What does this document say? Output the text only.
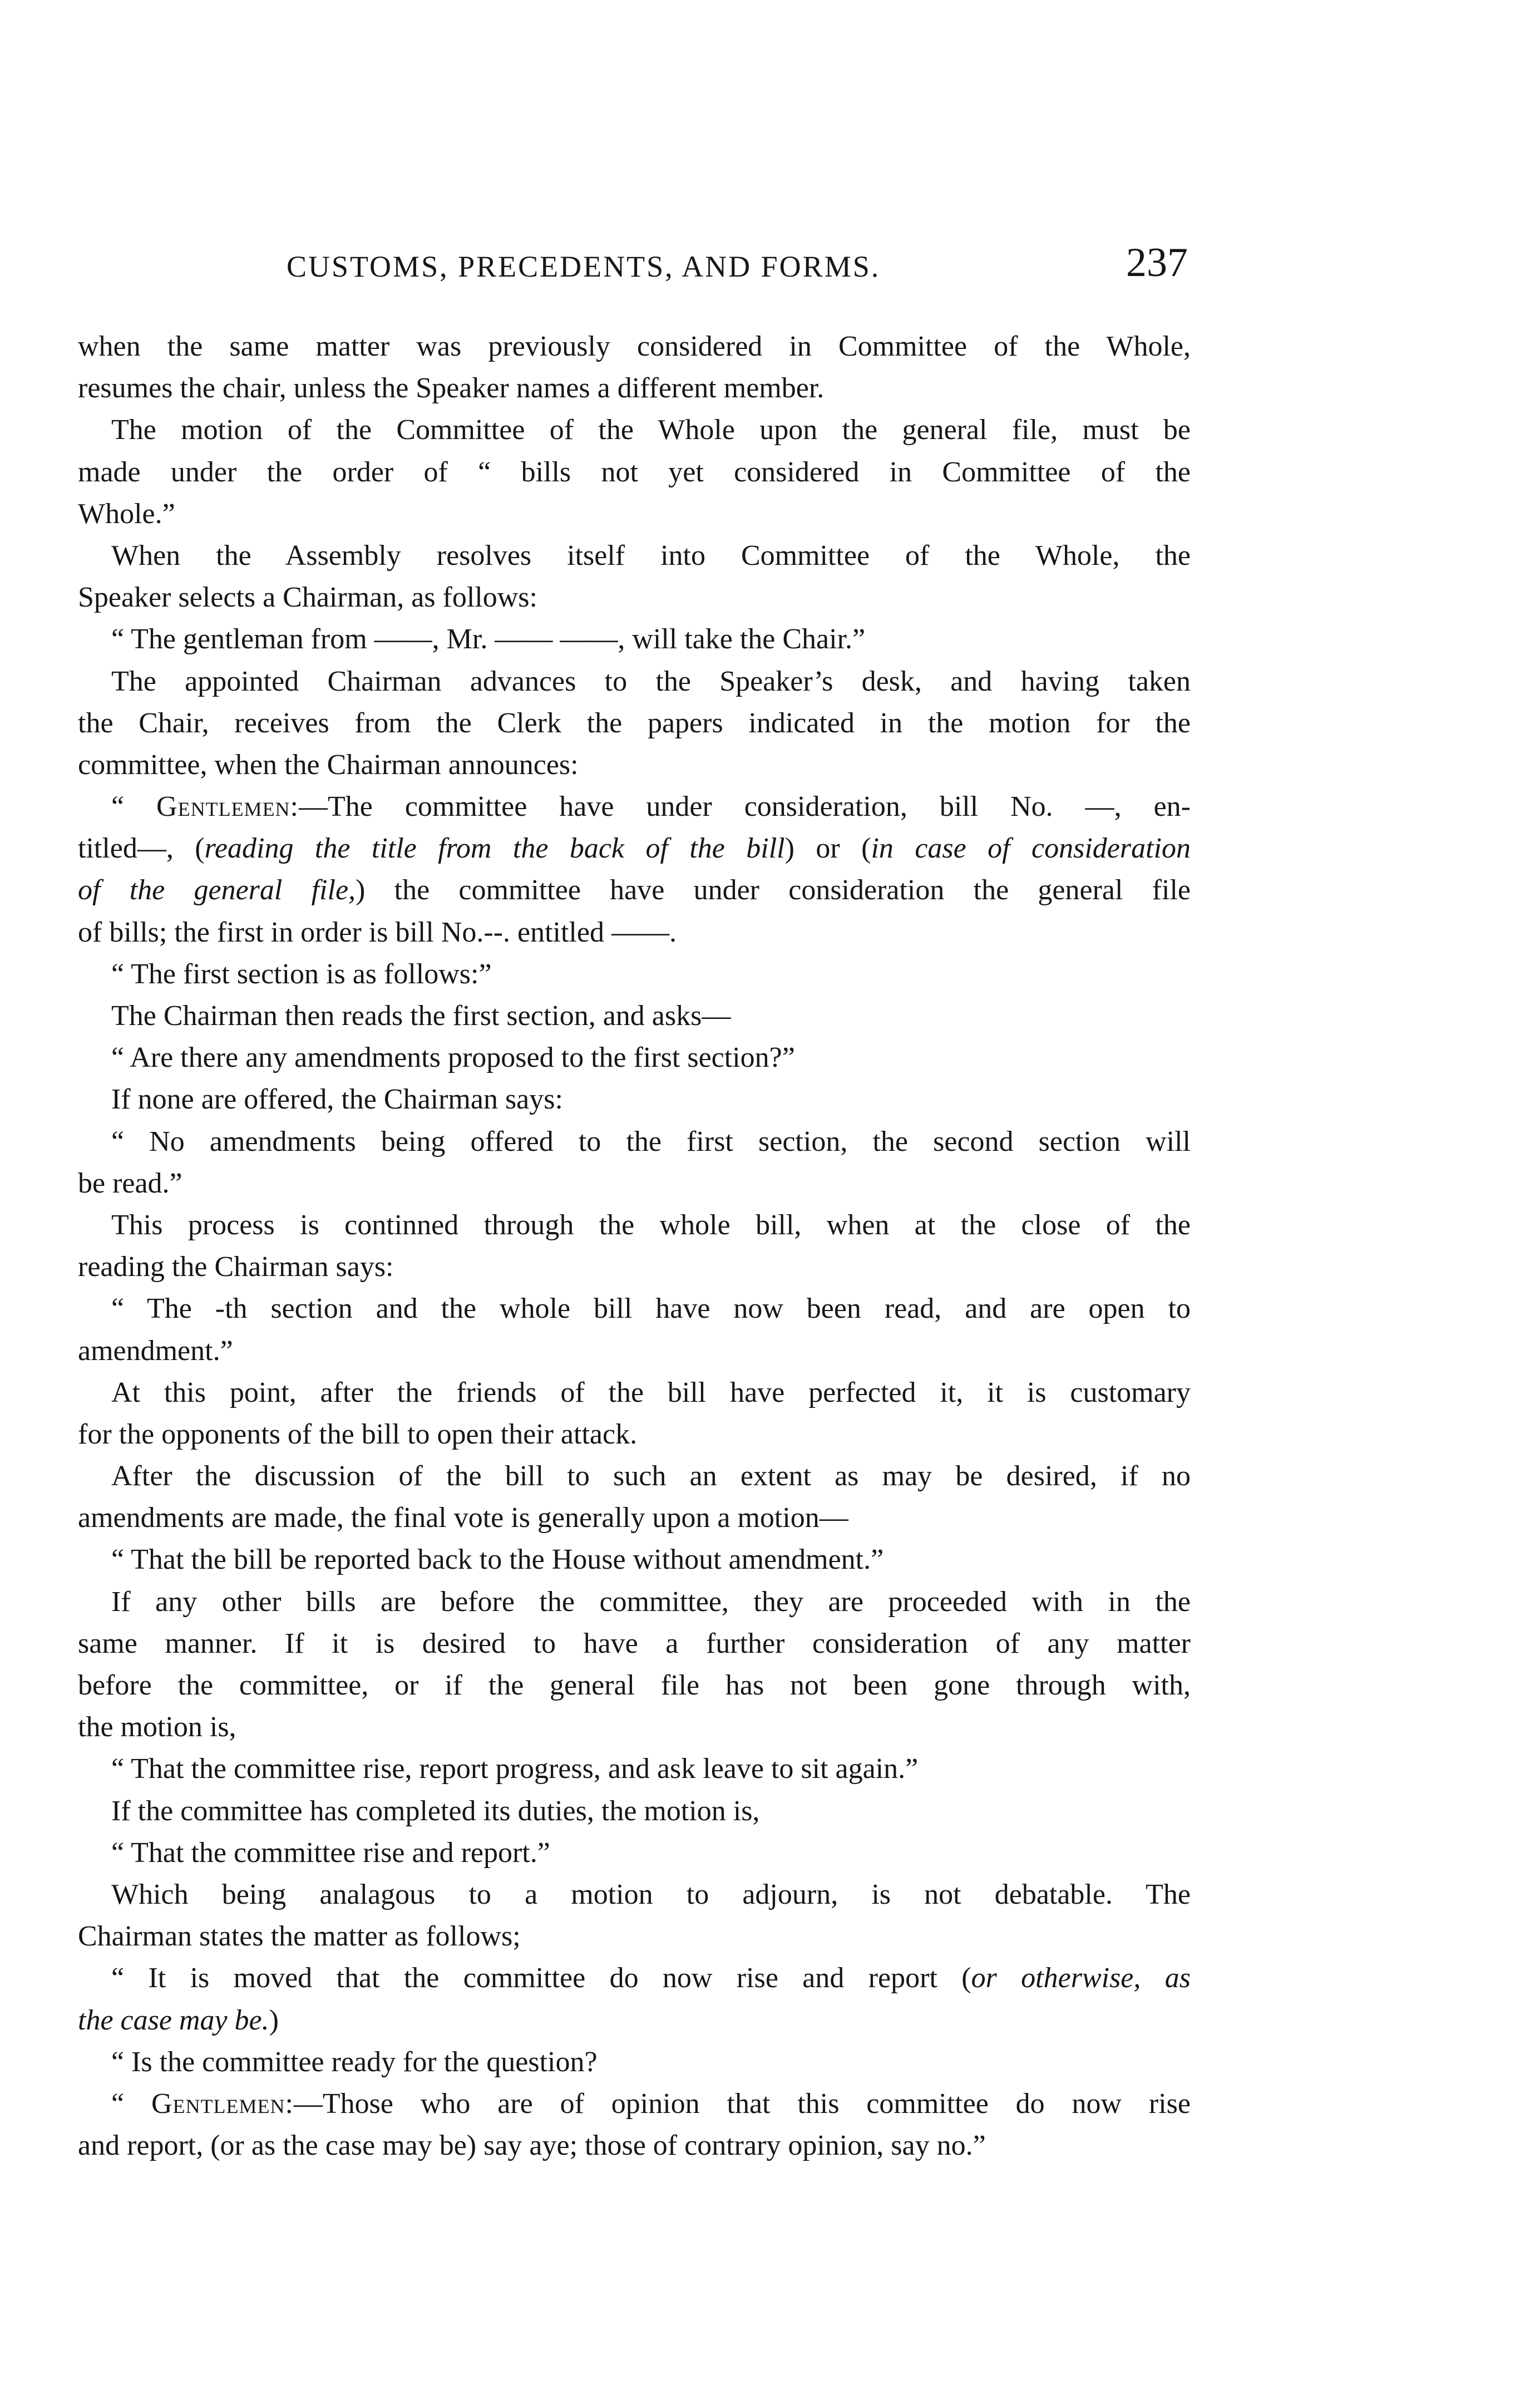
CUSTOMS, PRECEDENTS, AND FORMS.	237
when the same matter was previously considered in Committee of the Whole,
resumes the chair, unless the Speaker names a different member.
The motion of the Committee of the Whole upon the general file, must be
made under the order of “ bills not yet considered in Committee of the
Whole.”
When the Assembly resolves itself into Committee of the Whole, the
Speaker selects a Chairman, as follows:
“ The gentleman from ——, Mr. —— ——, will take the Chair.”
The appointed Chairman advances to the Speaker’s desk, and having taken
the Chair, receives from the Clerk the papers indicated in the motion for the
committee, when the Chairman announces:
“ Gentlemen:—The committee have under consideration, bill No. —, en-
titled—, (reading the title from the back of the bill) or (in case of consideration
of the general file,) the committee have under consideration the general file
of bills; the first in order is bill No.--. entitled ——.
“ The first section is as follows:”
The Chairman then reads the first section, and asks—
“ Are there any amendments proposed to the first section?”
If none are offered, the Chairman says:
“ No amendments being offered to the first section, the second section will
be read.”
This process is continned through the whole bill, when at the close of the
reading the Chairman says:
“ The -th section and the whole bill have now been read, and are open to
amendment.”
At this point, after the friends of the bill have perfected it, it is customary
for the opponents of the bill to open their attack.
After the discussion of the bill to such an extent as may be desired, if no
amendments are made, the final vote is generally upon a motion—
“ That the bill be reported back to the House without amendment.”
If any other bills are before the committee, they are proceeded with in the
same manner. If it is desired to have a further consideration of any matter
before the committee, or if the general file has not been gone through with,
the motion is,
“ That the committee rise, report progress, and ask leave to sit again.”
If the committee has completed its duties, the motion is,
“ That the committee rise and report.”
Which being analagous to a motion to adjourn, is not debatable. The
Chairman states the matter as follows;
“ It is moved that the committee do now rise and report (or otherwise, as
the case may be.)
“ Is the committee ready for the question?
“ Gentlemen:—Those who are of opinion that this committee do now rise
and report, (or as the case may be) say aye; those of contrary opinion, say no.”
